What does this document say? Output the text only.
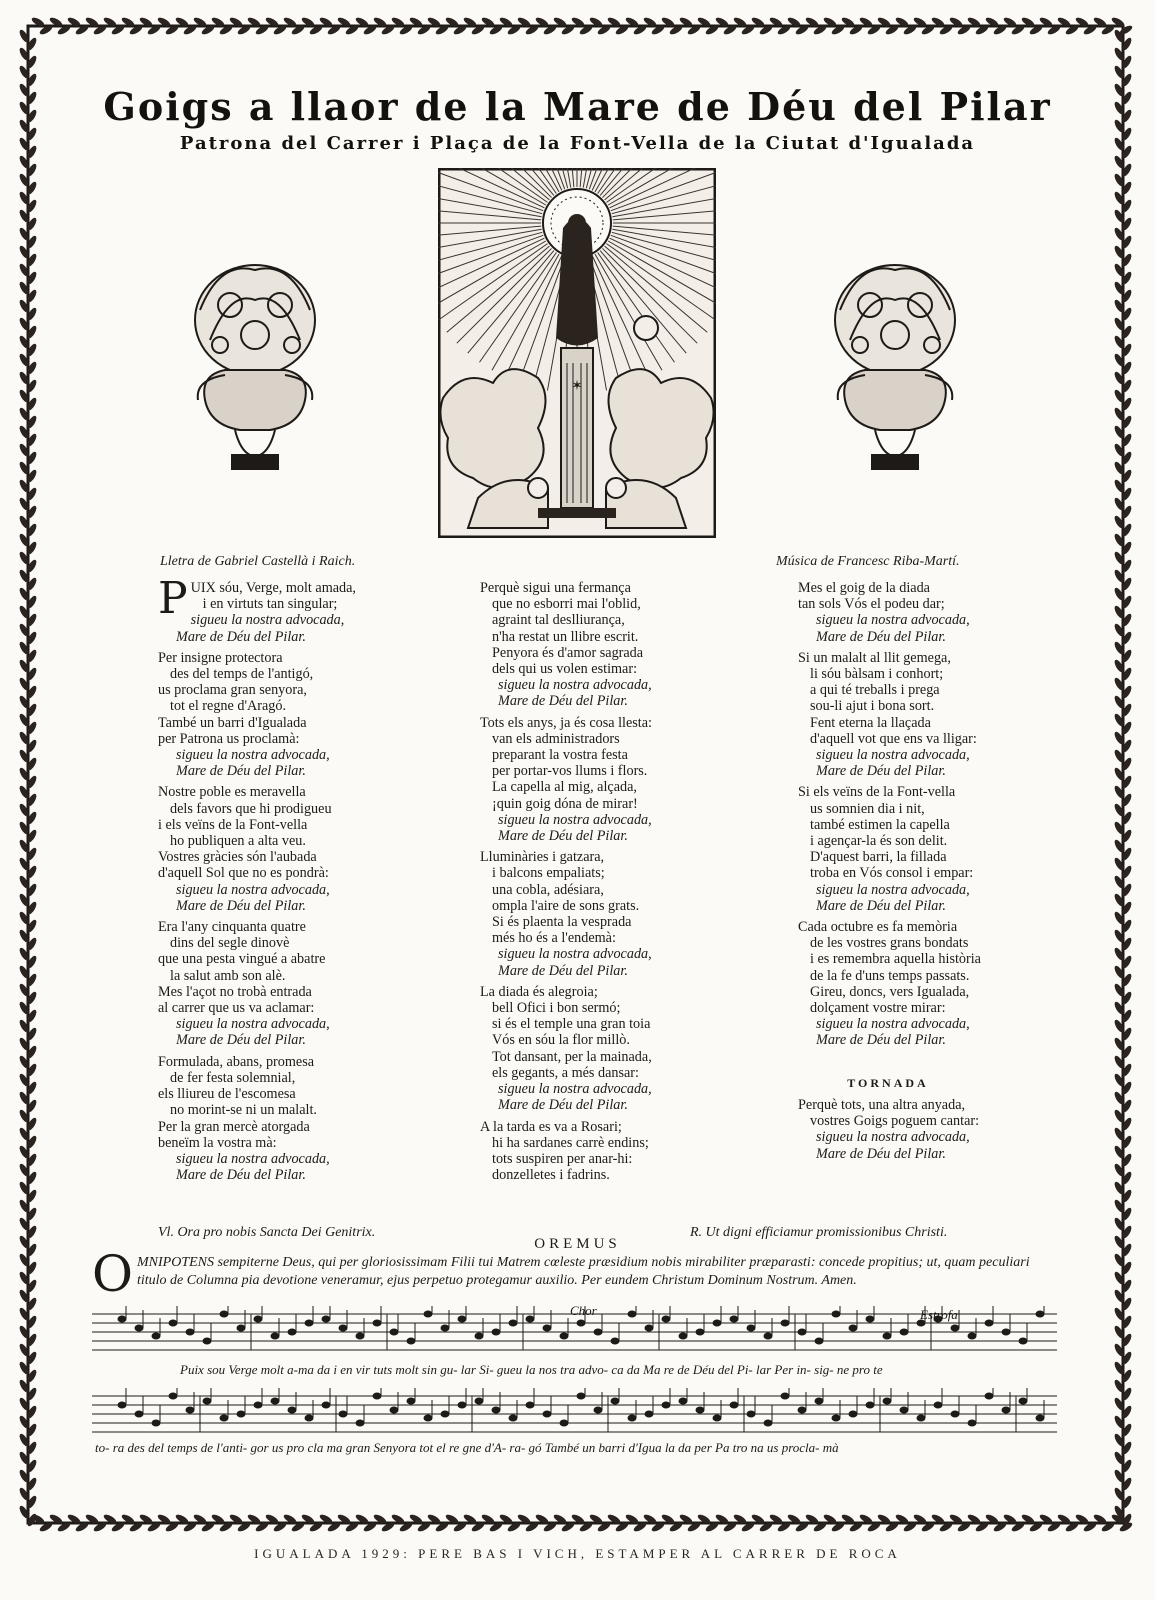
Goigs a llaor de la Mare de Déu del Pilar
Patrona del Carrer i Plaça de la Font-Vella de la Ciutat d'Igualada
✶
Lletra de Gabriel Castellà i Raich.	Música de Francesc Riba-Martí.
P UIX sóu, Verge, molt amada,
i en virtuts tan singular;
sigueu la nostra advocada,
Mare de Déu del Pilar.
Per insigne protectora
des del temps de l'antigó,
us proclama gran senyora,
tot el regne d'Aragó.
També un barri d'Igualada
per Patrona us proclamà:
sigueu la nostra advocada,
Mare de Déu del Pilar.
Nostre poble es meravella
dels favors que hi prodigueu
i els veïns de la Font-vella
ho publiquen a alta veu.
Vostres gràcies són l'aubada
d'aquell Sol que no es pondrà:
sigueu la nostra advocada,
Mare de Déu del Pilar.
Era l'any cinquanta quatre
dins del segle dinovè
que una pesta vingué a abatre
la salut amb son alè.
Mes l'açot no trobà entrada
al carrer que us va aclamar:
sigueu la nostra advocada,
Mare de Déu del Pilar.
Formulada, abans, promesa
de fer festa solemnial,
els lliureu de l'escomesa
no morint-se ni un malalt.
Per la gran mercè atorgada
beneïm la vostra mà:
sigueu la nostra advocada,
Mare de Déu del Pilar.
Perquè sigui una fermança
que no esborri mai l'oblid,
agraint tal deslliurança,
n'ha restat un llibre escrit.
Penyora és d'amor sagrada
dels qui us volen estimar:
sigueu la nostra advocada,
Mare de Déu del Pilar.
Tots els anys, ja és cosa llesta:
van els administradors
preparant la vostra festa
per portar-vos llums i flors.
La capella al mig, alçada,
¡quin goig dóna de mirar!
sigueu la nostra advocada,
Mare de Déu del Pilar.
Lluminàries i gatzara,
i balcons empaliats;
una cobla, adésiara,
ompla l'aire de sons grats.
Si és plaenta la vesprada
més ho és a l'endemà:
sigueu la nostra advocada,
Mare de Déu del Pilar.
La diada és alegroia;
bell Ofici i bon sermó;
si és el temple una gran toia
Vós en sóu la flor millò.
Tot dansant, per la mainada,
els gegants, a més dansar:
sigueu la nostra advocada,
Mare de Déu del Pilar.
A la tarda es va a Rosari;
hi ha sardanes carrè endins;
tots suspiren per anar-hi:
donzelletes i fadrins.
Mes el goig de la diada
tan sols Vós el podeu dar;
sigueu la nostra advocada,
Mare de Déu del Pilar.
Si un malalt al llit gemega,
li sóu bàlsam i conhort;
a qui té treballs i prega
sou-li ajut i bona sort.
Fent eterna la llaçada
d'aquell vot que ens va lligar:
sigueu la nostra advocada,
Mare de Déu del Pilar.
Si els veïns de la Font-vella
us somnien dia i nit,
també estimen la capella
i agençar-la és son delit.
D'aquest barri, la fillada
troba en Vós consol i empar:
sigueu la nostra advocada,
Mare de Déu del Pilar.
Cada octubre es fa memòria
de les vostres grans bondats
i es remembra aquella història
de la fe d'uns temps passats.
Gireu, doncs, vers Igualada,
dolçament vostre mirar:
sigueu la nostra advocada,
Mare de Déu del Pilar.
TORNADA
Perquè tots, una altra anyada,
vostres Goigs poguem cantar:
sigueu la nostra advocada,
Mare de Déu del Pilar.
Vl. Ora pro nobis Sancta Dei Genitrix.	R. Ut digni efficiamur promissionibus Christi.
OREMUS
OMNIPOTENS sempiterne Deus, qui per gloriosissimam Filii tui Matrem cœleste præsidium nobis mirabiliter præparasti: concede propitius; ut, quam peculiari titulo de Columna pia devotione veneramur, ejus perpetuo protegamur auxilio. Per eundem Christum Dominum Nostrum. Amen.
Chor	Estrofa
Puix sou Verge molt a-ma da i en vir tuts molt sin gu- lar Si- gueu la nos tra advo- ca da Ma re de Déu del Pi- lar Per in- sig- ne pro te
to- ra des del temps de l'anti- gor us pro cla ma gran Senyora tot el re gne d'A- ra- gó També un barri d'Igua la da per Pa tro na us procla- mà
IGUALADA 1929: PERE BAS I VICH, ESTAMPER AL CARRER DE ROCA
